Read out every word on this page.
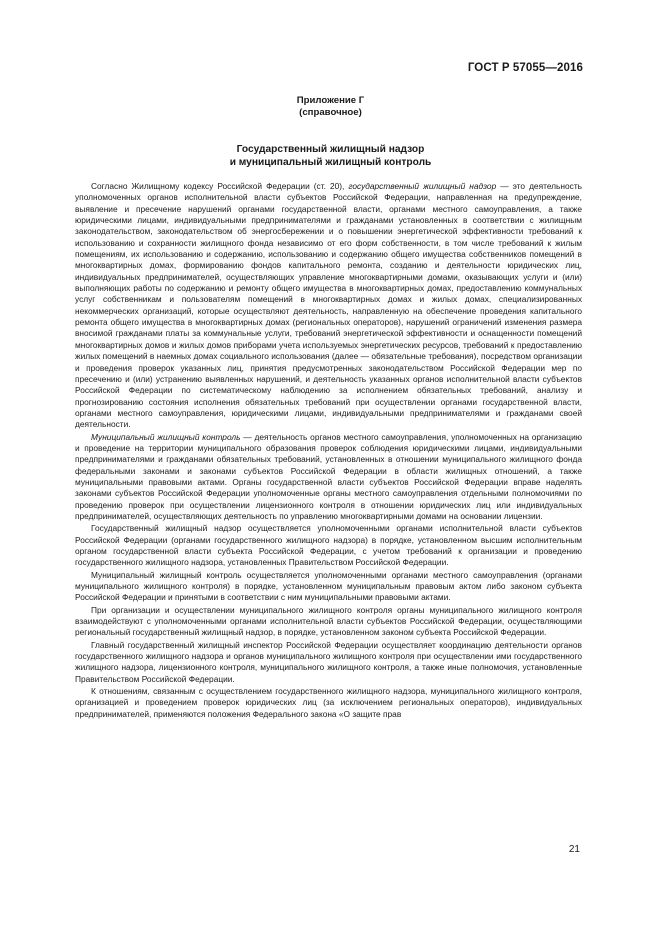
ГОСТ Р 57055—2016
Приложение Г
(справочное)
Государственный жилищный надзор
и муниципальный жилищный контроль

Согласно Жилищному кодексу Российской Федерации (ст. 20), государственный жилищный надзор — это деятельность уполномоченных органов исполнительной власти субъектов Российской Федерации, направленная на предупреждение, выявление и пресечение нарушений органами государственной власти, органами местного самоуправления, а также юридическими лицами, индивидуальными предпринимателями и гражданами установленных в соответствии с жилищным законодательством, законодательством об энергосбережении и о повышении энергетической эффективности требований к использованию и сохранности жилищного фонда независимо от его форм собственности, в том числе требований к жилым помещениям, их использованию и содержанию, использованию и содержанию общего имущества собственников помещений в многоквартирных домах, формированию фондов капитального ремонта, созданию и деятельности юридических лиц, индивидуальных предпринимателей, осуществляющих управление многоквартирными домами, оказывающих услуги и (или) выполняющих работы по содержанию и ремонту общего имущества в многоквартирных домах, предоставлению коммунальных услуг собственникам и пользователям помещений в многоквартирных домах и жилых домах, специализированных некоммерческих организаций, которые осуществляют деятельность, направленную на обеспечение проведения капитального ремонта общего имущества в многоквартирных домах (региональных операторов), нарушений ограничений изменения размера вносимой гражданами платы за коммунальные услуги, требований энергетической эффективности и оснащенности помещений многоквартирных домов и жилых домов приборами учета используемых энергетических ресурсов, требований к предоставлению жилых помещений в наемных домах социального использования (далее — обязательные требования), посредством организации и проведения проверок указанных лиц, принятия предусмотренных законодательством Российской Федерации мер по пресечению и (или) устранению выявленных нарушений, и деятельность указанных органов исполнительной власти субъектов Российской Федерации по систематическому наблюдению за исполнением обязательных требований, анализу и прогнозированию состояния исполнения обязательных требований при осуществлении органами государственной власти, органами местного самоуправления, юридическими лицами, индивидуальными предпринимателями и гражданами своей деятельности.

Муниципальный жилищный контроль — деятельность органов местного самоуправления, уполномоченных на организацию и проведение на территории муниципального образования проверок соблюдения юридическими лицами, индивидуальными предпринимателями и гражданами обязательных требований, установленных в отношении муниципального жилищного фонда федеральными законами и законами субъектов Российской Федерации в области жилищных отношений, а также муниципальными правовыми актами. Органы государственной власти субъектов Российской Федерации вправе наделять законами субъектов Российской Федерации уполномоченные органы местного самоуправления отдельными полномочиями по проведению проверок при осуществлении лицензионного контроля в отношении юридических лиц или индивидуальных предпринимателей, осуществляющих деятельность по управлению многоквартирными домами на основании лицензии.

Государственный жилищный надзор осуществляется уполномоченными органами исполнительной власти субъектов Российской Федерации (органами государственного жилищного надзора) в порядке, установленном высшим исполнительным органом государственной власти субъекта Российской Федерации, с учетом требований к организации и проведению государственного жилищного надзора, установленных Правительством Российской Федерации.

Муниципальный жилищный контроль осуществляется уполномоченными органами местного самоуправления (органами муниципального жилищного контроля) в порядке, установленном муниципальным правовым актом либо законом субъекта Российской Федерации и принятыми в соответствии с ним муниципальными правовыми актами.

При организации и осуществлении муниципального жилищного контроля органы муниципального жилищного контроля взаимодействуют с уполномоченными органами исполнительной власти субъектов Российской Федерации, осуществляющими региональный государственный жилищный надзор, в порядке, установленном законом субъекта Российской Федерации.

Главный государственный жилищный инспектор Российской Федерации осуществляет координацию деятельности органов государственного жилищного надзора и органов муниципального жилищного контроля при осуществлении ими государственного жилищного надзора, лицензионного контроля, муниципального жилищного контроля, а также иные полномочия, установленные Правительством Российской Федерации.

К отношениям, связанным с осуществлением государственного жилищного надзора, муниципального жилищного контроля, организацией и проведением проверок юридических лиц (за исключением региональных операторов), индивидуальных предпринимателей, применяются положения Федерального закона «О защите прав

21
